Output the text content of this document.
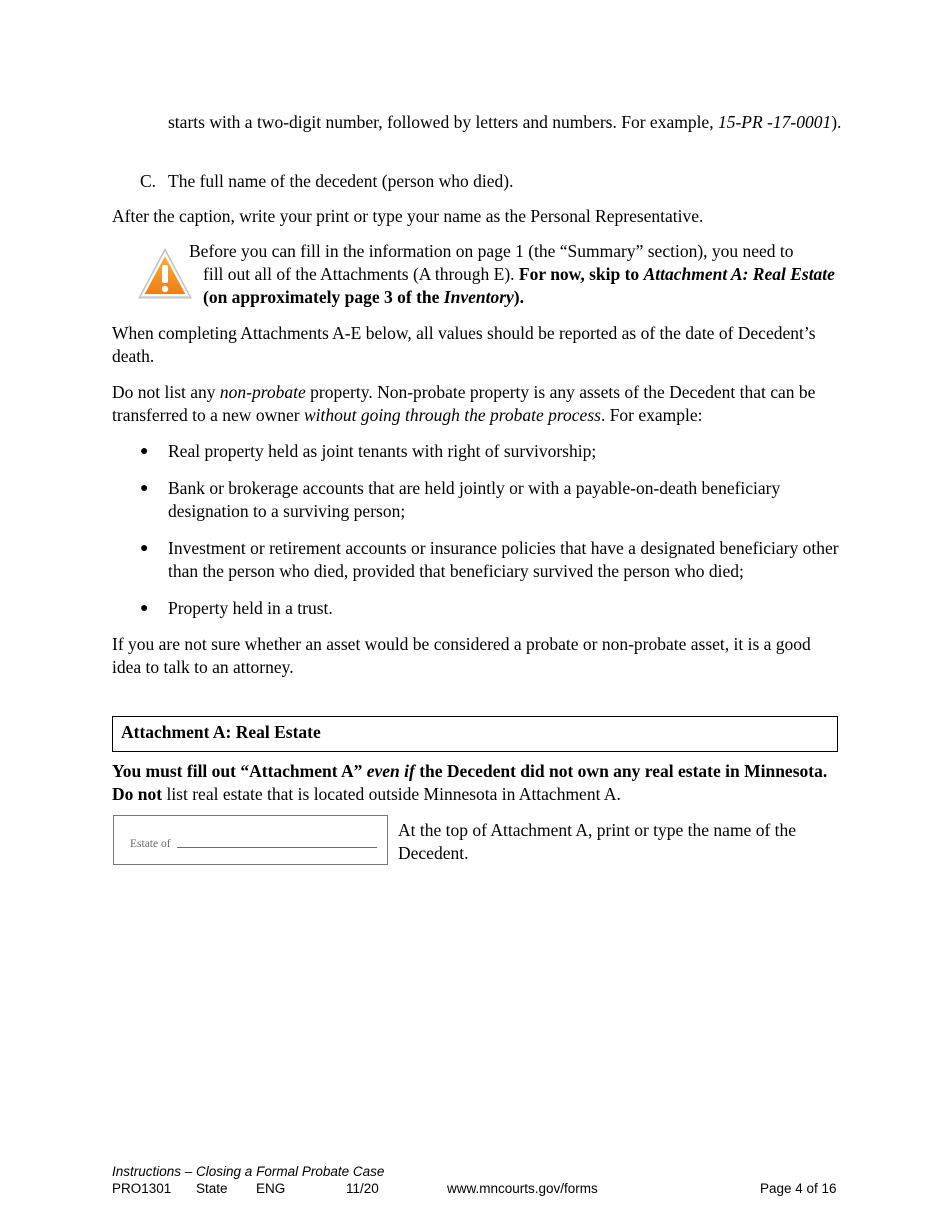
starts with a two-digit number, followed by letters and numbers. For example, 15-PR -17-0001).

C. The full name of the decedent (person who died).
After the caption, write your print or type your name as the Personal Representative.

Before you can fill in the information on page 1 (the “Summary” section), you need to

fill out all of the Attachments (A through E). For now, skip to Attachment A: Real Estate (on approximately page 3 of the Inventory).

When completing Attachments A-E below, all values should be reported as of the date of Decedent’s death.
Do not list any non-probate property. Non-probate property is any assets of the Decedent that can be transferred to a new owner without going through the probate process. For example:
●	Real property held as joint tenants with right of survivorship;
●	Bank or brokerage accounts that are held jointly or with a payable-on-death beneficiary designation to a surviving person;
●	Investment or retirement accounts or insurance policies that have a designated beneficiary other than the person who died, provided that beneficiary survived the person who died;
●	Property held in a trust.
If you are not sure whether an asset would be considered a probate or non-probate asset, it is a good idea to talk to an attorney.
Attachment A: Real Estate
You must fill out “Attachment A” even if the Decedent did not own any real estate in Minnesota. Do not list real estate that is located outside Minnesota in Attachment A.
Estate of
At the top of Attachment A, print or type the name of the Decedent.
Instructions – Closing a Formal Probate Case
PRO1301 State ENG	11/20	www.mncourts.gov/forms	Page 4 of 16
